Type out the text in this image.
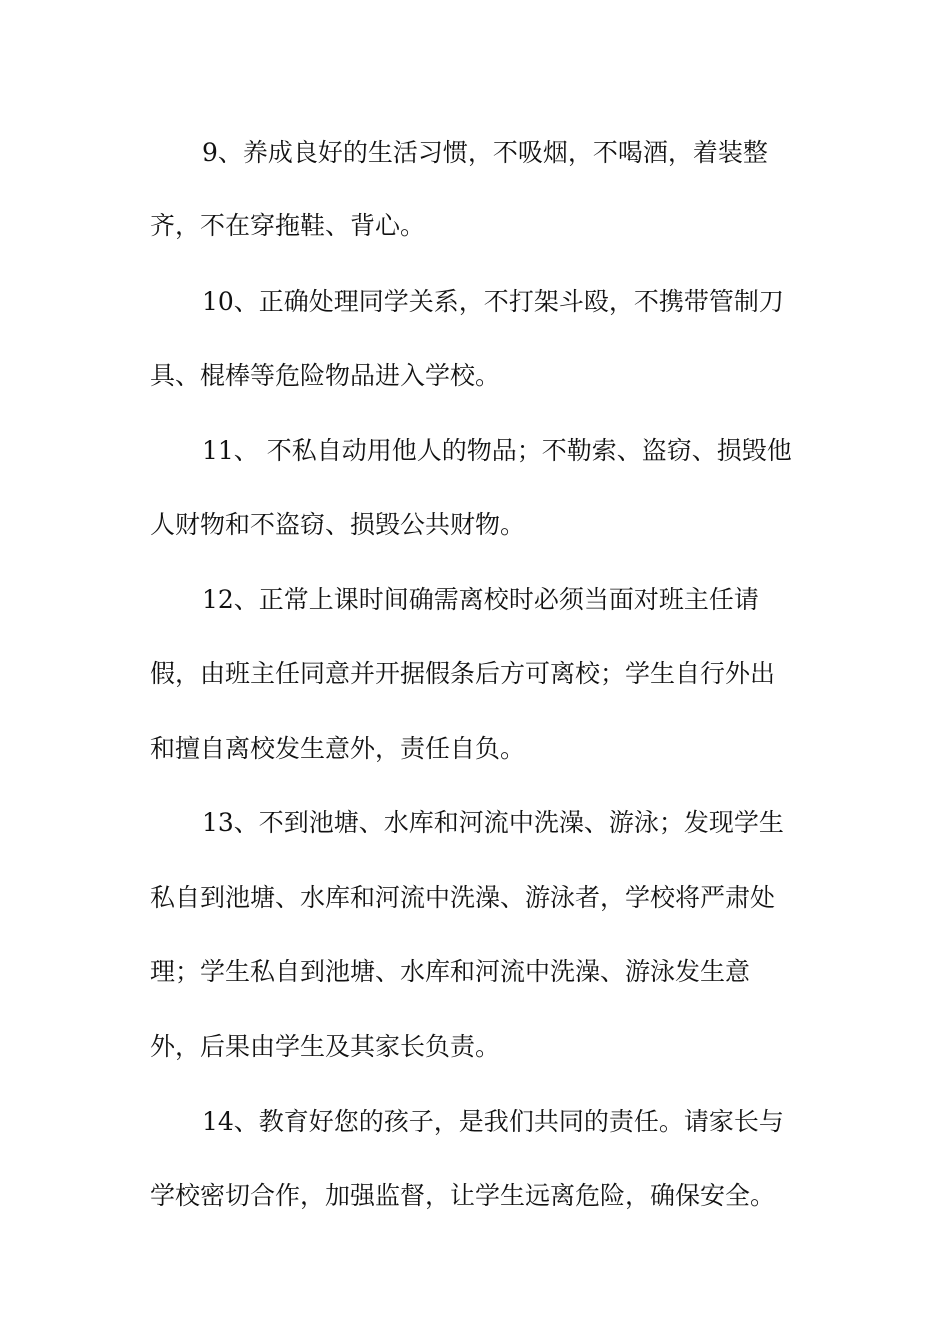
9、养成良好的生活习惯，不吸烟，不喝酒，着装整
齐，不在穿拖鞋、背心。
10、正确处理同学关系，不打架斗殴，不携带管制刀
具、棍棒等危险物品进入学校。
11、 不私自动用他人的物品；不勒索、盗窃、损毁他
人财物和不盗窃、损毁公共财物。
12、正常上课时间确需离校时必须当面对班主任请
假，由班主任同意并开据假条后方可离校；学生自行外出
和擅自离校发生意外，责任自负。
13、不到池塘、水库和河流中洗澡、游泳；发现学生
私自到池塘、水库和河流中洗澡、游泳者，学校将严肃处
理；学生私自到池塘、水库和河流中洗澡、游泳发生意
外，后果由学生及其家长负责。
14、教育好您的孩子，是我们共同的责任。请家长与
学校密切合作，加强监督，让学生远离危险，确保安全。
